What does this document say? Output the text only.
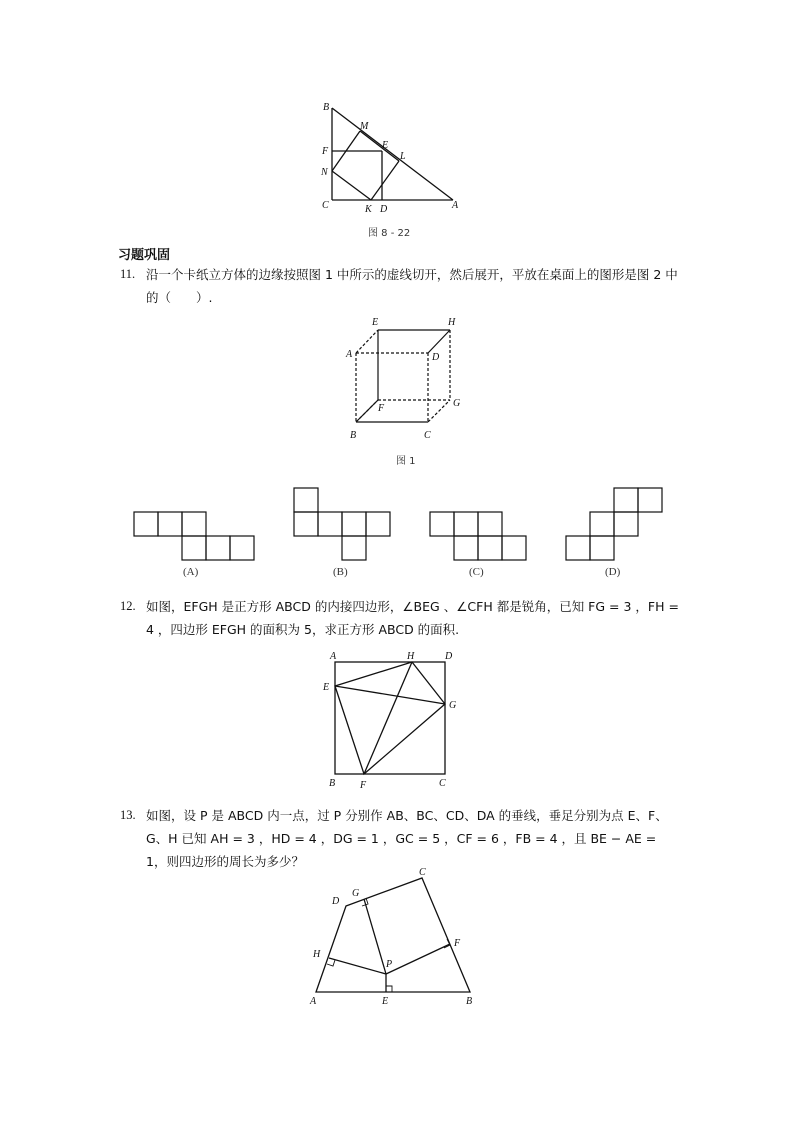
B
M
E
F	L
N
C	K D	A
图 8 - 22
习题巩固
11. 沿一个卡纸立方体的边缘按照图 1 中所示的虚线切开，然后展开，平放在桌面上的图形是图 2 中的（　　）.
E	H
A	D
F	G
B	C
图 1
(A)	(B)	(C)	(D)
12. 如图，EFGH 是正方形 ABCD 的内接四边形，∠BEG 、∠CFH 都是锐角，已知 FG = 3 ，FH = 4 ，四边形 EFGH 的面积为 5，求正方形 ABCD 的面积.
A	H	D
E
G
B F	C
13. 如图，设 P 是 ABCD 内一点，过 P 分别作 AB、BC、CD、DA 的垂线，垂足分别为点 E、F、G、H 已知 AH = 3 ，HD = 4 ，DG = 1 ，GC = 5 ，CF = 6 ，FB = 4 ，且 BE − AE = 1，则四边形的周长为多少？
C
D
G
F
H
P
A	E	B
